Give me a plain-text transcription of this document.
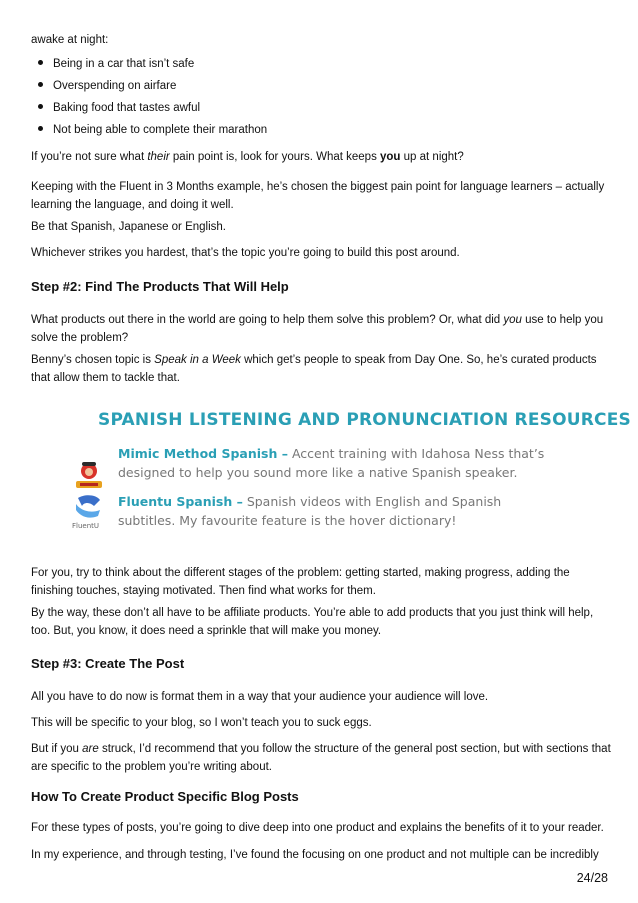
awake at night:

Being in a car that isn’t safe
Overspending on airfare
Baking food that tastes awful
Not being able to complete their marathon

If you’re not sure what their pain point is, look for yours. What keeps you up at night?

Keeping with the Fluent in 3 Months example, he’s chosen the biggest pain point for language learners – actually learning the language, and doing it well.

Be that Spanish, Japanese or English.

Whichever strikes you hardest, that’s the topic you’re going to build this post around.

Step #2: Find The Products That Will Help

What products out there in the world are going to help them solve this problem? Or, what did you use to help you solve the problem?

Benny’s chosen topic is Speak in a Week which get’s people to speak from Day One. So, he’s curated products that allow them to tackle that.

SPANISH LISTENING AND PRONUNCIATION RESOURCES

Mimic Method Spanish – Accent training with Idahosa Ness that’s designed to help you sound more like a native Spanish speaker.

FluentU

Fluentu Spanish – Spanish videos with English and Spanish subtitles. My favourite feature is the hover dictionary!

For you, try to think about the different stages of the problem: getting started, making progress, adding the finishing touches, staying motivated. Then find what works for them.

By the way, these don’t all have to be affiliate products. You’re able to add products that you just think will help, too. But, you know, it does need a sprinkle that will make you money.

Step #3: Create The Post

All you have to do now is format them in a way that your audience your audience will love.

This will be specific to your blog, so I won’t teach you to suck eggs.

But if you are struck, I’d recommend that you follow the structure of the general post section, but with sections that are specific to the problem you’re writing about.

How To Create Product Specific Blog Posts

For these types of posts, you’re going to dive deep into one product and explains the benefits of it to your reader.

In my experience, and through testing, I’ve found the focusing on one product and not multiple can be incredibly

24/28
